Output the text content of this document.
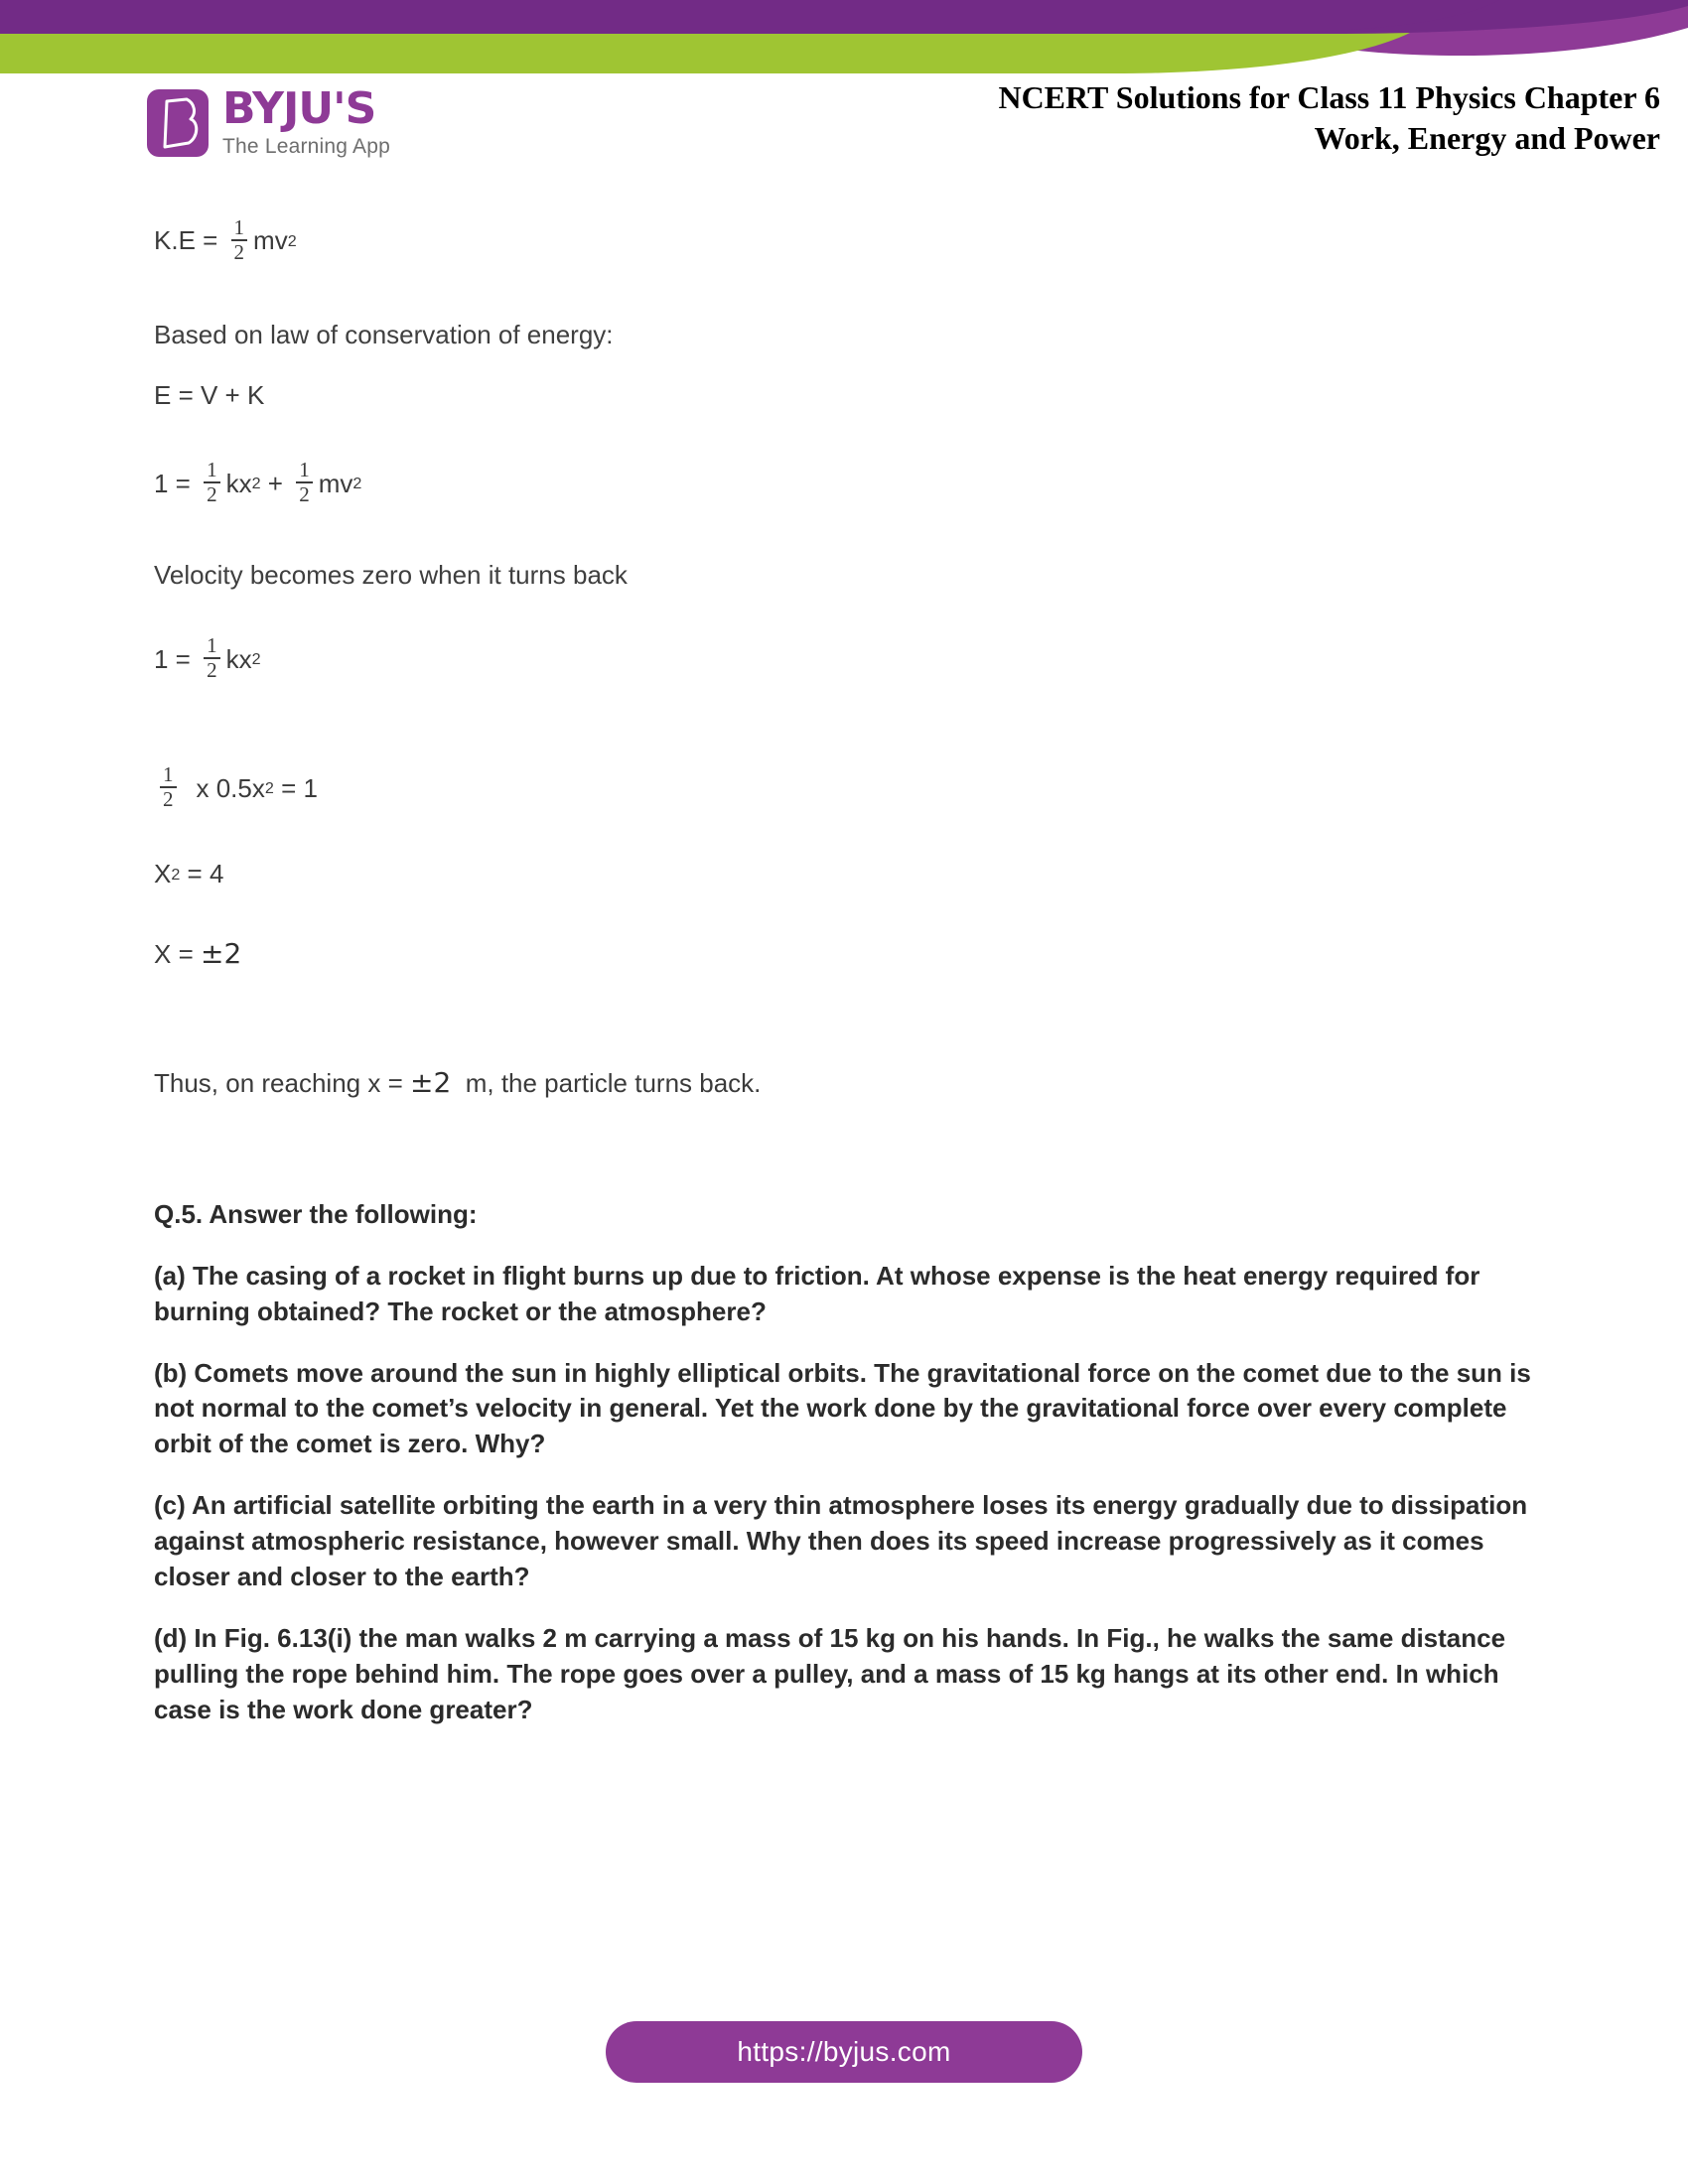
BYJU'S
The Learning App
NCERT Solutions for Class 11 Physics Chapter 6
Work, Energy and Power
$K.E = \frac{1}{2}$ mv 2
Based on law of conservation of energy:
E = V + K
$1 = \frac{1}{2}$ kx $2 + \frac{1}{2}$ mv 2
Velocity becomes zero when it turns back
$1 = \frac{1}{2}$ kx 2
$\frac{1}{2}$ x 0.5x 2 = 1
X 2 = 4
X = ±2
Thus, on reaching x = ±2 m, the particle turns back.
Q.5. Answer the following:
(a) The casing of a rocket in flight burns up due to friction. At whose expense is the heat energy required for burning obtained? The rocket or the atmosphere?
(b) Comets move around the sun in highly elliptical orbits. The gravitational force on the comet due to the sun is not normal to the comet’s velocity in general. Yet the work done by the gravitational force over every complete orbit of the comet is zero. Why?
(c) An artificial satellite orbiting the earth in a very thin atmosphere loses its energy gradually due to dissipation against atmospheric resistance, however small. Why then does its speed increase progressively as it comes closer and closer to the earth?
(d) In Fig. 6.13(i) the man walks 2 m carrying a mass of 15 kg on his hands. In Fig., he walks the same distance pulling the rope behind him. The rope goes over a pulley, and a mass of 15 kg hangs at its other end. In which case is the work done greater?
https://byjus.com
